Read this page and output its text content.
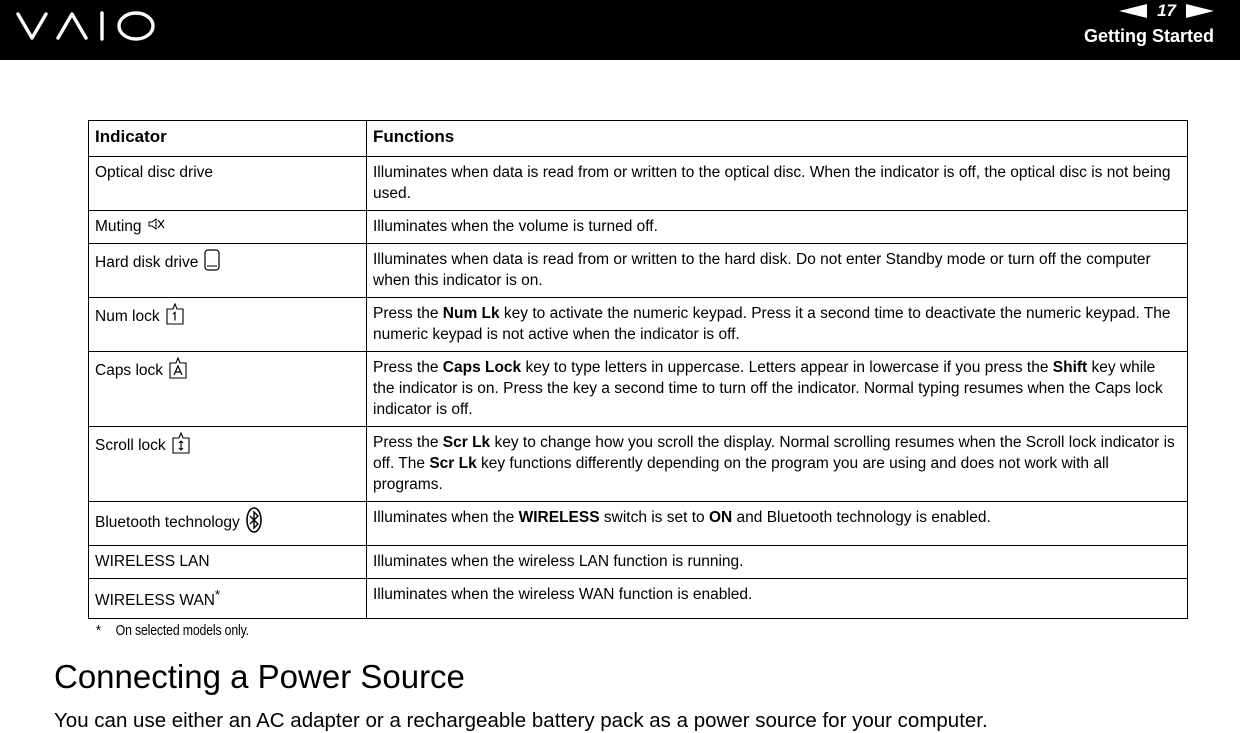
17
Getting Started
Indicator	Functions
Optical disc drive	Illuminates when data is read from or written to the optical disc. When the indicator is off, the optical disc is not being used.
Muting	Illuminates when the volume is turned off.
Hard disk drive	Illuminates when data is read from or written to the hard disk. Do not enter Standby mode or turn off the computer when this indicator is on.
Num lock	Press the Num Lk key to activate the numeric keypad. Press it a second time to deactivate the numeric keypad. The numeric keypad is not active when the indicator is off.
Caps lock	Press the Caps Lock key to type letters in uppercase. Letters appear in lowercase if you press the Shift key while the indicator is on. Press the key a second time to turn off the indicator. Normal typing resumes when the Caps lock indicator is off.
Scroll lock	Press the Scr Lk key to change how you scroll the display. Normal scrolling resumes when the Scroll lock indicator is off. The Scr Lk key functions differently depending on the program you are using and does not work with all programs.
Bluetooth technology	Illuminates when the WIRELESS switch is set to ON and Bluetooth technology is enabled.
WIRELESS LAN	Illuminates when the wireless LAN function is running.
WIRELESS WAN*	Illuminates when the wireless WAN function is enabled.
* On selected models only.
Connecting a Power Source

You can use either an AC adapter or a rechargeable battery pack as a power source for your computer.
